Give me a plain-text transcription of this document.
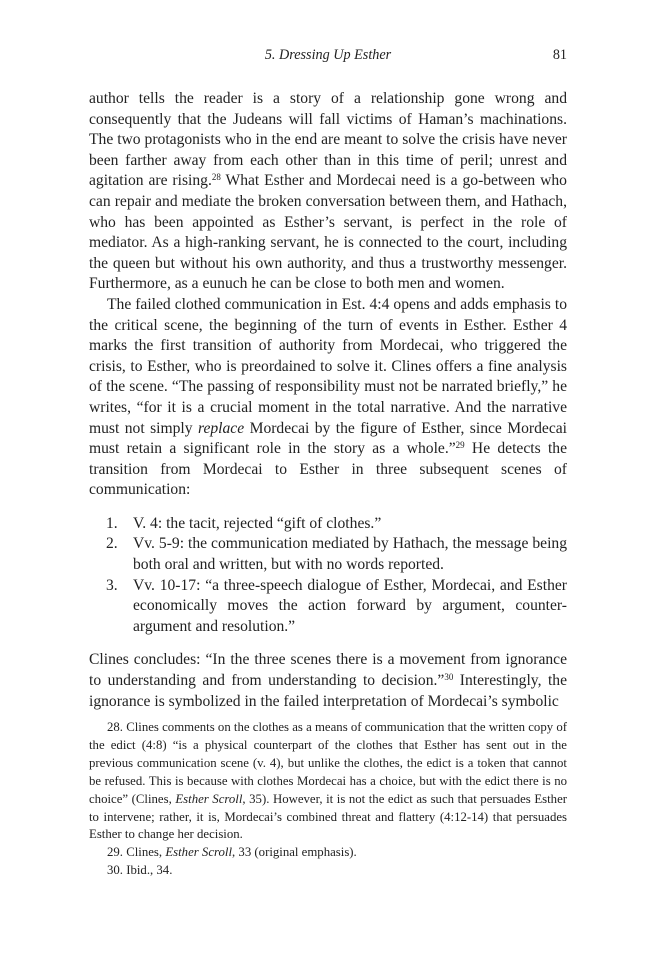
5. Dressing Up Esther	81

author tells the reader is a story of a relationship gone wrong and consequently that the Judeans will fall victims of Haman’s machinations. The two protagonists who in the end are meant to solve the crisis have never been farther away from each other than in this time of peril; unrest and agitation are rising.$^{28}$ What Esther and Mordecai need is a go-between who can repair and mediate the broken conversation between them, and Hathach, who has been appointed as Esther’s servant, is perfect in the role of mediator. As a high-ranking servant, he is connected to the court, including the queen but without his own authority, and thus a trustworthy messenger. Furthermore, as a eunuch he can be close to both men and women.

The failed clothed communication in Est. 4:4 opens and adds emphasis to the critical scene, the beginning of the turn of events in Esther. Esther 4 marks the first transition of authority from Mordecai, who triggered the crisis, to Esther, who is preordained to solve it. Clines offers a fine analysis of the scene. “The passing of responsibility must not be narrated briefly,” he writes, “for it is a crucial moment in the total narrative. And the narrative must not simply replace Mordecai by the figure of Esther, since Mordecai must retain a significant role in the story as a whole.”$^{29}$ He detects the transition from Mordecai to Esther in three subsequent scenes of communication:

1. V. 4: the tacit, rejected “gift of clothes.”
2. Vv. 5-9: the communication mediated by Hathach, the message being both oral and written, but with no words reported.
3. Vv. 10-17: “a three-speech dialogue of Esther, Mordecai, and Esther economically moves the action forward by argument, counter-argument and resolution.”

Clines concludes: “In the three scenes there is a movement from ignorance to understanding and from understanding to decision.”$^{30}$ Interestingly, the ignorance is symbolized in the failed interpretation of Mordecai’s symbolic

28. Clines comments on the clothes as a means of communication that the written copy of the edict (4:8) “is a physical counterpart of the clothes that Esther has sent out in the previous communication scene (v. 4), but unlike the clothes, the edict is a token that cannot be refused. This is because with clothes Mordecai has a choice, but with the edict there is no choice” (Clines, Esther Scroll, 35). However, it is not the edict as such that persuades Esther to intervene; rather, it is, Mordecai’s combined threat and flattery (4:12-14) that persuades Esther to change her decision.

29. Clines, Esther Scroll, 33 (original emphasis).

30. Ibid., 34.
